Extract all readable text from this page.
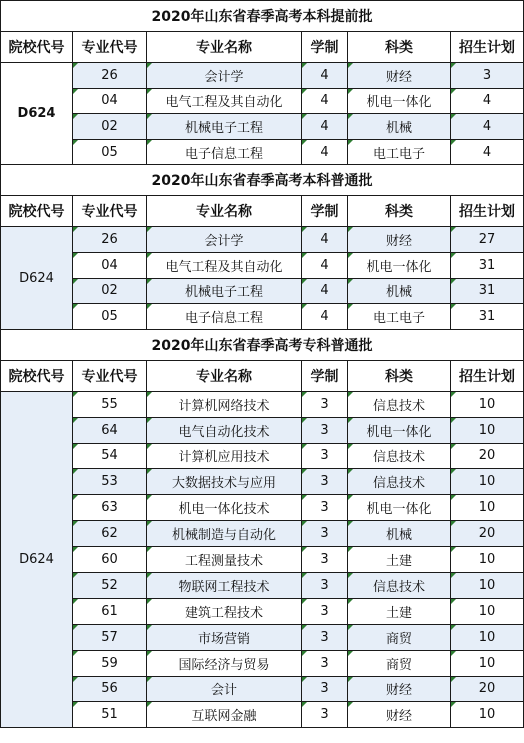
2020年山东省春季高考本科提前批					
院校代号	专业代号	专业名称	学制	科类	招生计划
D624	26	会计学	4	财经	3
	04	电气工程及其自动化	4	机电一体化	4
	02	机械电子工程	4	机械	4
	05	电子信息工程	4	电工电子	4
2020年山东省春季高考本科普通批					
院校代号	专业代号	专业名称	学制	科类	招生计划
D624	26	会计学	4	财经	27
	04	电气工程及其自动化	4	机电一体化	31
	02	机械电子工程	4	机械	31
	05	电子信息工程	4	电工电子	31
2020年山东省春季高考专科普通批					
院校代号	专业代号	专业名称	学制	科类	招生计划
D624	55	计算机网络技术	3	信息技术	10
	64	电气自动化技术	3	机电一体化	10
	54	计算机应用技术	3	信息技术	20
	53	大数据技术与应用	3	信息技术	10
	63	机电一体化技术	3	机电一体化	10
	62	机械制造与自动化	3	机械	20
	60	工程测量技术	3	土建	10
	52	物联网工程技术	3	信息技术	10
	61	建筑工程技术	3	土建	10
	57	市场营销	3	商贸	10
	59	国际经济与贸易	3	商贸	10
	56	会计	3	财经	20
	51	互联网金融	3	财经	10
